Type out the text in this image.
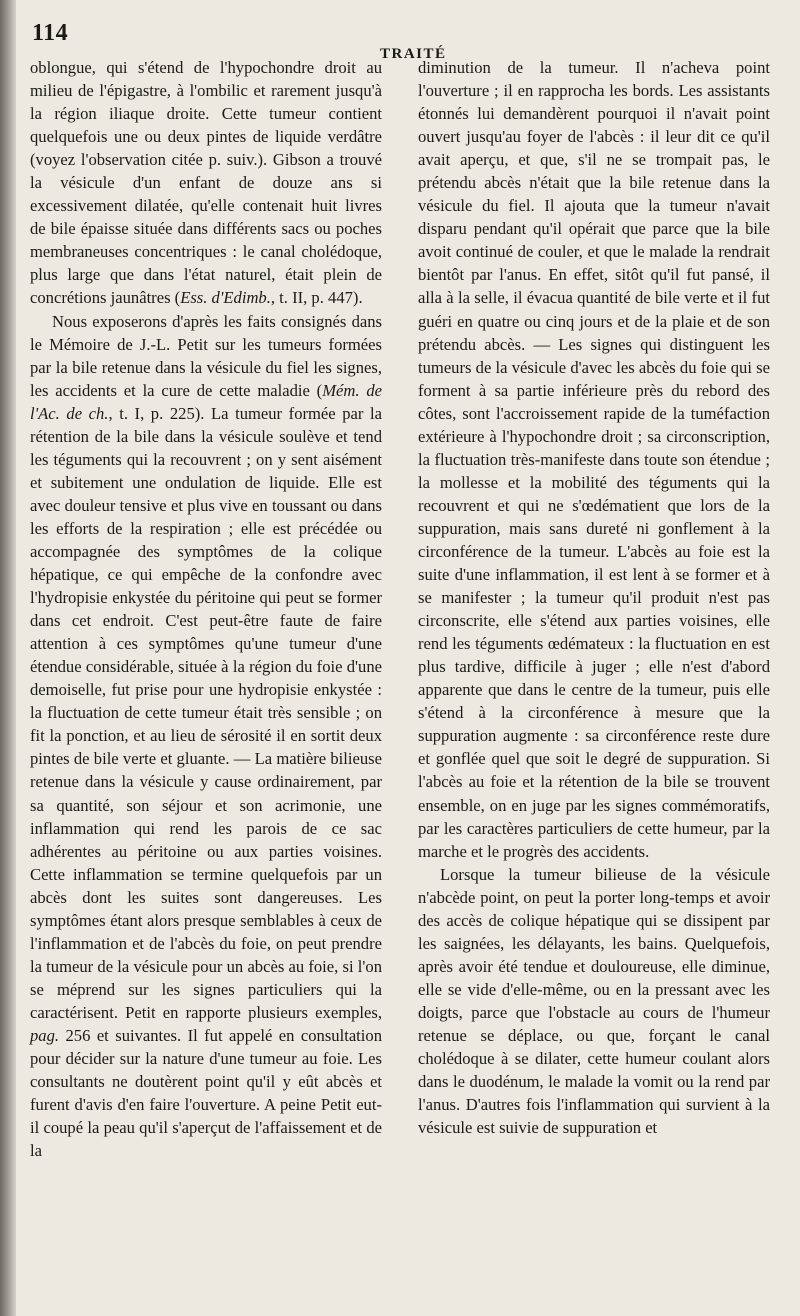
114
TRAITÉ

oblongue, qui s'étend de l'hypochondre droit au milieu de l'épigastre, à l'ombilic et rarement jusqu'à la région iliaque droite. Cette tumeur contient quelquefois une ou deux pintes de liquide verdâtre (voyez l'observation citée p. suiv.). Gibson a trouvé la vésicule d'un enfant de douze ans si excessivement dilatée, qu'elle contenait huit livres de bile épaisse située dans différents sacs ou poches membraneuses concentriques : le canal cholédoque, plus large que dans l'état naturel, était plein de concrétions jaunâtres (Ess. d'Edimb., t. II, p. 447).

Nous exposerons d'après les faits consignés dans le Mémoire de J.-L. Petit sur les tumeurs formées par la bile retenue dans la vésicule du fiel les signes, les accidents et la cure de cette maladie (Mém. de l'Ac. de ch., t. I, p. 225). La tumeur formée par la rétention de la bile dans la vésicule soulève et tend les téguments qui la recouvrent ; on y sent aisément et subitement une ondulation de liquide. Elle est avec douleur tensive et plus vive en toussant ou dans les efforts de la respiration ; elle est précédée ou accompagnée des symptômes de la colique hépatique, ce qui empêche de la confondre avec l'hydropisie enkystée du péritoine qui peut se former dans cet endroit. C'est peut-être faute de faire attention à ces symptômes qu'une tumeur d'une étendue considérable, située à la région du foie d'une demoiselle, fut prise pour une hydropisie enkystée : la fluctuation de cette tumeur était très sensible ; on fit la ponction, et au lieu de sérosité il en sortit deux pintes de bile verte et gluante. — La matière bilieuse retenue dans la vésicule y cause ordinairement, par sa quantité, son séjour et son acrimonie, une inflammation qui rend les parois de ce sac adhérentes au péritoine ou aux parties voisines. Cette inflammation se termine quelquefois par un abcès dont les suites sont dangereuses. Les symptômes étant alors presque semblables à ceux de l'inflammation et de l'abcès du foie, on peut prendre la tumeur de la vésicule pour un abcès au foie, si l'on se méprend sur les signes particuliers qui la caractérisent. Petit en rapporte plusieurs exemples, pag. 256 et suivantes. Il fut appelé en consultation pour décider sur la nature d'une tumeur au foie. Les consultants ne doutèrent point qu'il y eût abcès et furent d'avis d'en faire l'ouverture. A peine Petit eut-il coupé la peau qu'il s'aperçut de l'affaissement et de la

diminution de la tumeur. Il n'acheva point l'ouverture ; il en rapprocha les bords. Les assistants étonnés lui demandèrent pourquoi il n'avait point ouvert jusqu'au foyer de l'abcès : il leur dit ce qu'il avait aperçu, et que, s'il ne se trompait pas, le prétendu abcès n'était que la bile retenue dans la vésicule du fiel. Il ajouta que la tumeur n'avait disparu pendant qu'il opérait que parce que la bile avoit continué de couler, et que le malade la rendrait bientôt par l'anus. En effet, sitôt qu'il fut pansé, il alla à la selle, il évacua quantité de bile verte et il fut guéri en quatre ou cinq jours et de la plaie et de son prétendu abcès. — Les signes qui distinguent les tumeurs de la vésicule d'avec les abcès du foie qui se forment à sa partie inférieure près du rebord des côtes, sont l'accroissement rapide de la tuméfaction extérieure à l'hypochondre droit ; sa circonscription, la fluctuation très-manifeste dans toute son étendue ; la mollesse et la mobilité des téguments qui la recouvrent et qui ne s'œdématient que lors de la suppuration, mais sans dureté ni gonflement à la circonférence de la tumeur. L'abcès au foie est la suite d'une inflammation, il est lent à se former et à se manifester ; la tumeur qu'il produit n'est pas circonscrite, elle s'étend aux parties voisines, elle rend les téguments œdémateux : la fluctuation en est plus tardive, difficile à juger ; elle n'est d'abord apparente que dans le centre de la tumeur, puis elle s'étend à la circonférence à mesure que la suppuration augmente : sa circonférence reste dure et gonflée quel que soit le degré de suppuration. Si l'abcès au foie et la rétention de la bile se trouvent ensemble, on en juge par les signes commémoratifs, par les caractères particuliers de cette humeur, par la marche et le progrès des accidents.

Lorsque la tumeur bilieuse de la vésicule n'abcède point, on peut la porter long-temps et avoir des accès de colique hépatique qui se dissipent par les saignées, les délayants, les bains. Quelquefois, après avoir été tendue et douloureuse, elle diminue, elle se vide d'elle-même, ou en la pressant avec les doigts, parce que l'obstacle au cours de l'humeur retenue se déplace, ou que, forçant le canal cholédoque à se dilater, cette humeur coulant alors dans le duodénum, le malade la vomit ou la rend par l'anus. D'autres fois l'inflammation qui survient à la vésicule est suivie de suppuration et
